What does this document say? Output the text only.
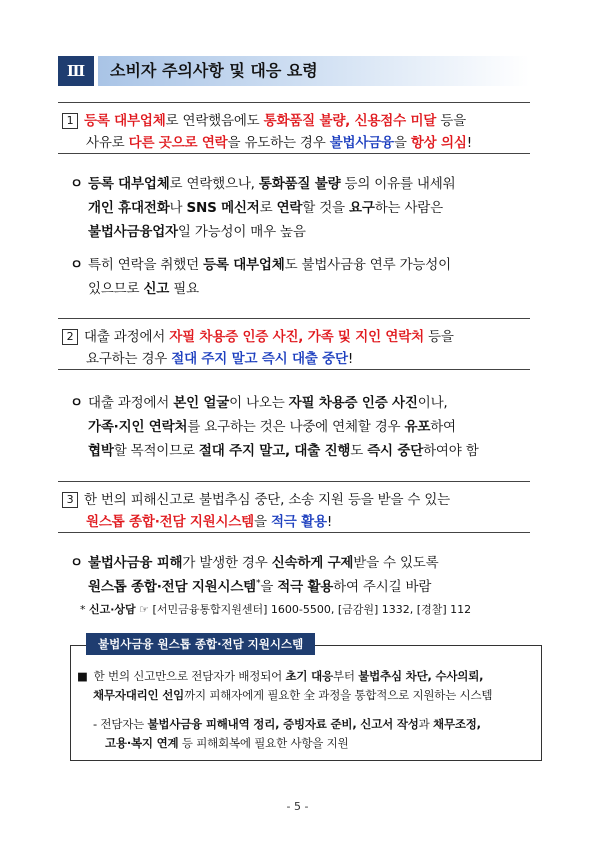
Ⅲ	소비자 주의사항 및 대응 요령
1 등록 대부업체로 연락했음에도 통화품질 불량, 신용점수 미달 등을
사유로 다른 곳으로 연락을 유도하는 경우 불법사금융을 항상 의심!
ㅇ 등록 대부업체로 연락했으나, 통화품질 불량 등의 이유를 내세워
개인 휴대전화나 SNS 메신저로 연락할 것을 요구하는 사람은
불법사금융업자일 가능성이 매우 높음
ㅇ 특히 연락을 취했던 등록 대부업체도 불법사금융 연루 가능성이
있으므로 신고 필요
2 대출 과정에서 자필 차용증 인증 사진, 가족 및 지인 연락처 등을
요구하는 경우 절대 주지 말고 즉시 대출 중단!
ㅇ 대출 과정에서 본인 얼굴이 나오는 자필 차용증 인증 사진이나,
가족·지인 연락처를 요구하는 것은 나중에 연체할 경우 유포하여
협박할 목적이므로 절대 주지 말고, 대출 진행도 즉시 중단하여야 함
3 한 번의 피해신고로 불법추심 중단, 소송 지원 등을 받을 수 있는
원스톱 종합·전담 지원시스템을 적극 활용!
ㅇ 불법사금융 피해가 발생한 경우 신속하게 구제받을 수 있도록
원스톱 종합·전담 지원시스템*을 적극 활용하여 주시길 바람
* 신고·상담 ☞ [서민금융통합지원센터] 1600-5500, [금감원] 1332, [경찰] 112
■ 한 번의 신고만으로 전담자가 배정되어 초기 대응부터 불법추심 차단, 수사의뢰,
채무자대리인 선임까지 피해자에게 필요한 全 과정을 통합적으로 지원하는 시스템
- 전담자는 불법사금융 피해내역 정리, 증빙자료 준비, 신고서 작성과 채무조정,
고용·복지 연계 등 피해회복에 필요한 사항을 지원
불법사금융 원스톱 종합·전담 지원시스템
- 5 -
